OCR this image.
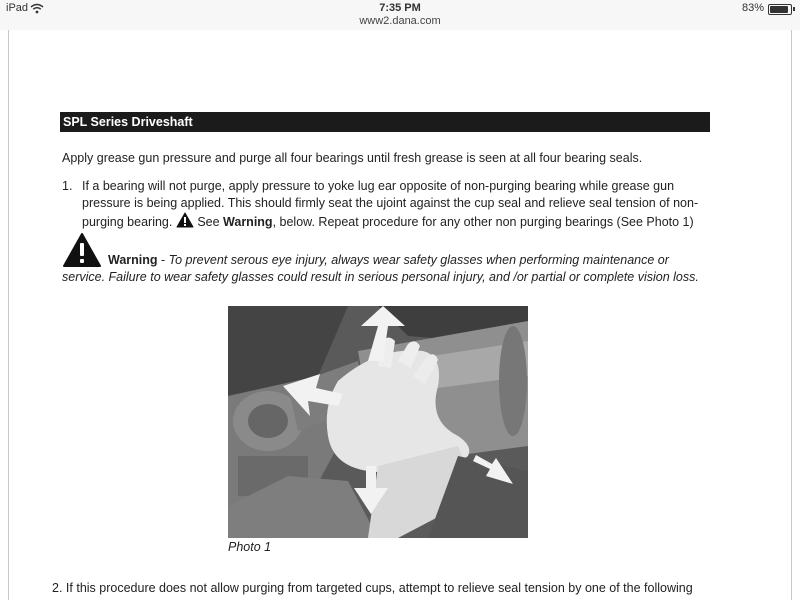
iPad	7:35 PM
www2.dana.com
83%
SPL Series Driveshaft
Apply grease gun pressure and purge all four bearings until fresh grease is seen at all four bearing seals.
1. If a bearing will not purge, apply pressure to yoke lug ear opposite of non-purging bearing while grease gun pressure is being applied. This should firmly seat the ujoint against the cup seal and relieve seal tension of non-purging bearing.  See Warning, below. Repeat procedure for any other non purging bearings (See Photo 1)
Warning - To prevent serous eye injury, always wear safety glasses when performing maintenance or
service. Failure to wear safety glasses could result in serious personal injury, and /or partial or complete vision loss.
Photo 1
2. If this procedure does not allow purging from targeted cups, attempt to relieve seal tension by one of the following
